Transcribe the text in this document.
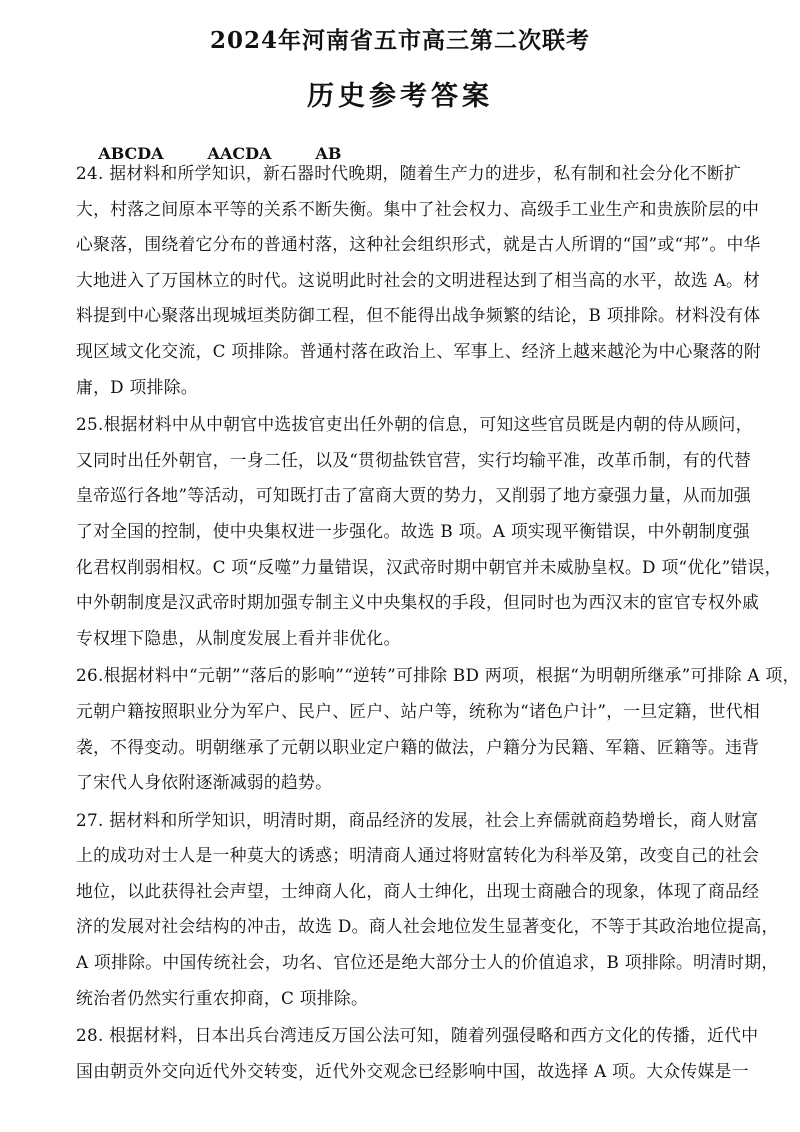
2024年河南省五市高三第二次联考
历史参考答案

ABCDA	AACDA	AB

24. 据材料和所学知识，新石器时代晚期，随着生产力的进步，私有制和社会分化不断扩
大，村落之间原本平等的关系不断失衡。集中了社会权力、高级手工业生产和贵族阶层的中
心聚落，围绕着它分布的普通村落，这种社会组织形式，就是古人所谓的“国”或“邦”。中华
大地进入了万国林立的时代。这说明此时社会的文明进程达到了相当高的水平，故选 A。材
料提到中心聚落出现城垣类防御工程，但不能得出战争频繁的结论，B 项排除。材料没有体
现区域文化交流，C 项排除。普通村落在政治上、军事上、经济上越来越沦为中心聚落的附
庸，D 项排除。
25.根据材料中从中朝官中选拔官吏出任外朝的信息，可知这些官员既是内朝的侍从顾问，
又同时出任外朝官，一身二任，以及“贯彻盐铁官营，实行均输平准，改革币制，有的代替
皇帝巡行各地”等活动，可知既打击了富商大贾的势力，又削弱了地方豪强力量，从而加强
了对全国的控制，使中央集权进一步强化。故选 B 项。A 项实现平衡错误，中外朝制度强
化君权削弱相权。C 项“反噬”力量错误，汉武帝时期中朝官并未威胁皇权。D 项“优化”错误，
中外朝制度是汉武帝时期加强专制主义中央集权的手段，但同时也为西汉末的宦官专权外戚
专权埋下隐患，从制度发展上看并非优化。
26.根据材料中“元朝”“落后的影响”“逆转”可排除 BD 两项，根据“为明朝所继承”可排除 A 项，
元朝户籍按照职业分为军户、民户、匠户、站户等，统称为“诸色户计”，一旦定籍，世代相
袭，不得变动。明朝继承了元朝以职业定户籍的做法，户籍分为民籍、军籍、匠籍等。违背
了宋代人身依附逐渐减弱的趋势。
27. 据材料和所学知识，明清时期，商品经济的发展，社会上弃儒就商趋势增长，商人财富
上的成功对士人是一种莫大的诱惑；明清商人通过将财富转化为科举及第，改变自己的社会
地位，以此获得社会声望，士绅商人化，商人士绅化，出现士商融合的现象，体现了商品经
济的发展对社会结构的冲击，故选 D。商人社会地位发生显著变化，不等于其政治地位提高，
A 项排除。中国传统社会，功名、官位还是绝大部分士人的价值追求，B 项排除。明清时期，
统治者仍然实行重农抑商，C 项排除。
28. 根据材料，日本出兵台湾违反万国公法可知，随着列强侵略和西方文化的传播，近代中
国由朝贡外交向近代外交转变，近代外交观念已经影响中国，故选择 A 项。大众传媒是一
